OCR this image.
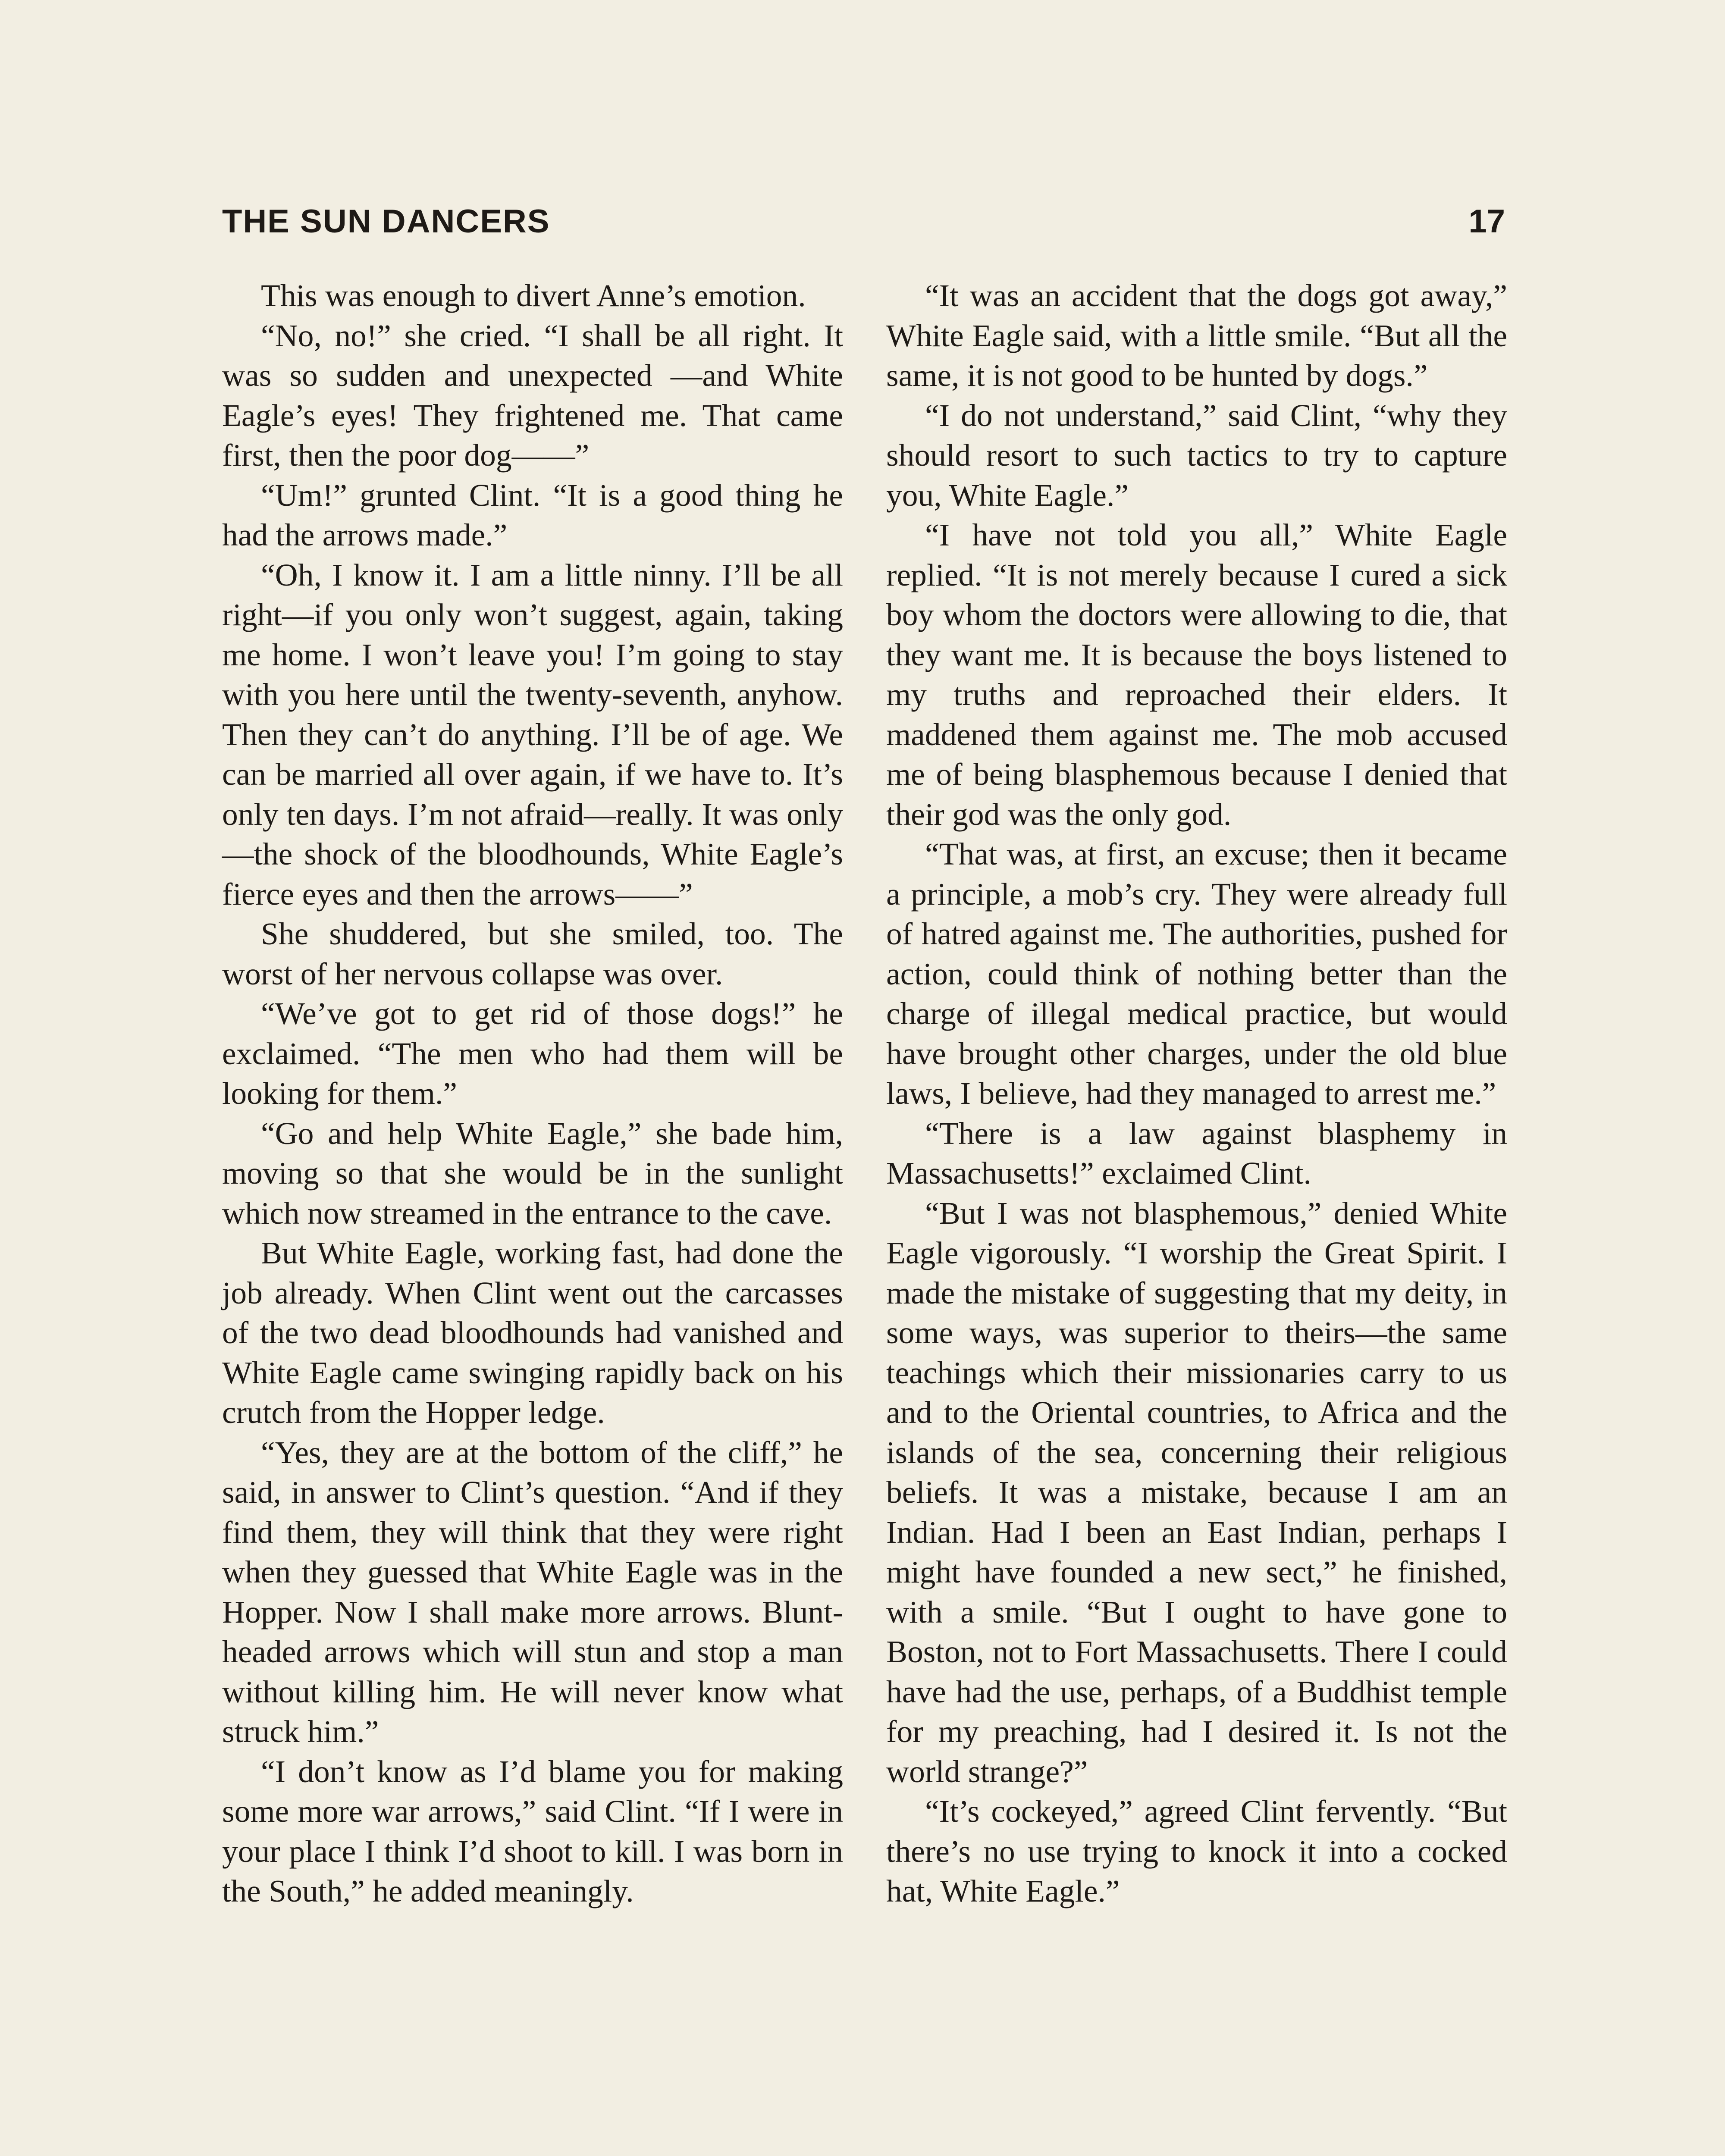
THE SUN DANCERS	17

This was enough to divert Anne’s emotion.

“No, no!” she cried. “I shall be all right. It was so sudden and unexpected —and White Eagle’s eyes! They frightened me. That came first, then the poor dog——”

“Um!” grunted Clint. “It is a good thing he had the arrows made.”

“Oh, I know it. I am a little ninny. I’ll be all right—if you only won’t suggest, again, taking me home. I won’t leave you! I’m going to stay with you here until the twenty-seventh, anyhow. Then they can’t do anything. I’ll be of age. We can be married all over again, if we have to. It’s only ten days. I’m not afraid—really. It was only—the shock of the bloodhounds, White Eagle’s fierce eyes and then the arrows——”

She shuddered, but she smiled, too. The worst of her nervous collapse was over.

“We’ve got to get rid of those dogs!” he exclaimed. “The men who had them will be looking for them.”

“Go and help White Eagle,” she bade him, moving so that she would be in the sunlight which now streamed in the entrance to the cave.

But White Eagle, working fast, had done the job already. When Clint went out the carcasses of the two dead bloodhounds had vanished and White Eagle came swinging rapidly back on his crutch from the Hopper ledge.

“Yes, they are at the bottom of the cliff,” he said, in answer to Clint’s question. “And if they find them, they will think that they were right when they guessed that White Eagle was in the Hopper. Now I shall make more arrows. Blunt-headed arrows which will stun and stop a man without killing him. He will never know what struck him.”

“I don’t know as I’d blame you for making some more war arrows,” said Clint. “If I were in your place I think I’d shoot to kill. I was born in the South,” he added meaningly.

“It was an accident that the dogs got away,” White Eagle said, with a little smile. “But all the same, it is not good to be hunted by dogs.”

“I do not understand,” said Clint, “why they should resort to such tactics to try to capture you, White Eagle.”

“I have not told you all,” White Eagle replied. “It is not merely because I cured a sick boy whom the doctors were allowing to die, that they want me. It is because the boys listened to my truths and reproached their elders. It maddened them against me. The mob accused me of being blasphemous because I denied that their god was the only god.

“That was, at first, an excuse; then it became a principle, a mob’s cry. They were already full of hatred against me. The authorities, pushed for action, could think of nothing better than the charge of illegal medical practice, but would have brought other charges, under the old blue laws, I believe, had they managed to arrest me.”

“There is a law against blasphemy in Massachusetts!” exclaimed Clint.

“But I was not blasphemous,” denied White Eagle vigorously. “I worship the Great Spirit. I made the mistake of suggesting that my deity, in some ways, was superior to theirs—the same teachings which their missionaries carry to us and to the Oriental countries, to Africa and the islands of the sea, concerning their religious beliefs. It was a mistake, because I am an Indian. Had I been an East Indian, perhaps I might have founded a new sect,” he finished, with a smile. “But I ought to have gone to Boston, not to Fort Massachusetts. There I could have had the use, perhaps, of a Buddhist temple for my preaching, had I desired it. Is not the world strange?”

“It’s cockeyed,” agreed Clint fervently. “But there’s no use trying to knock it into a cocked hat, White Eagle.”
